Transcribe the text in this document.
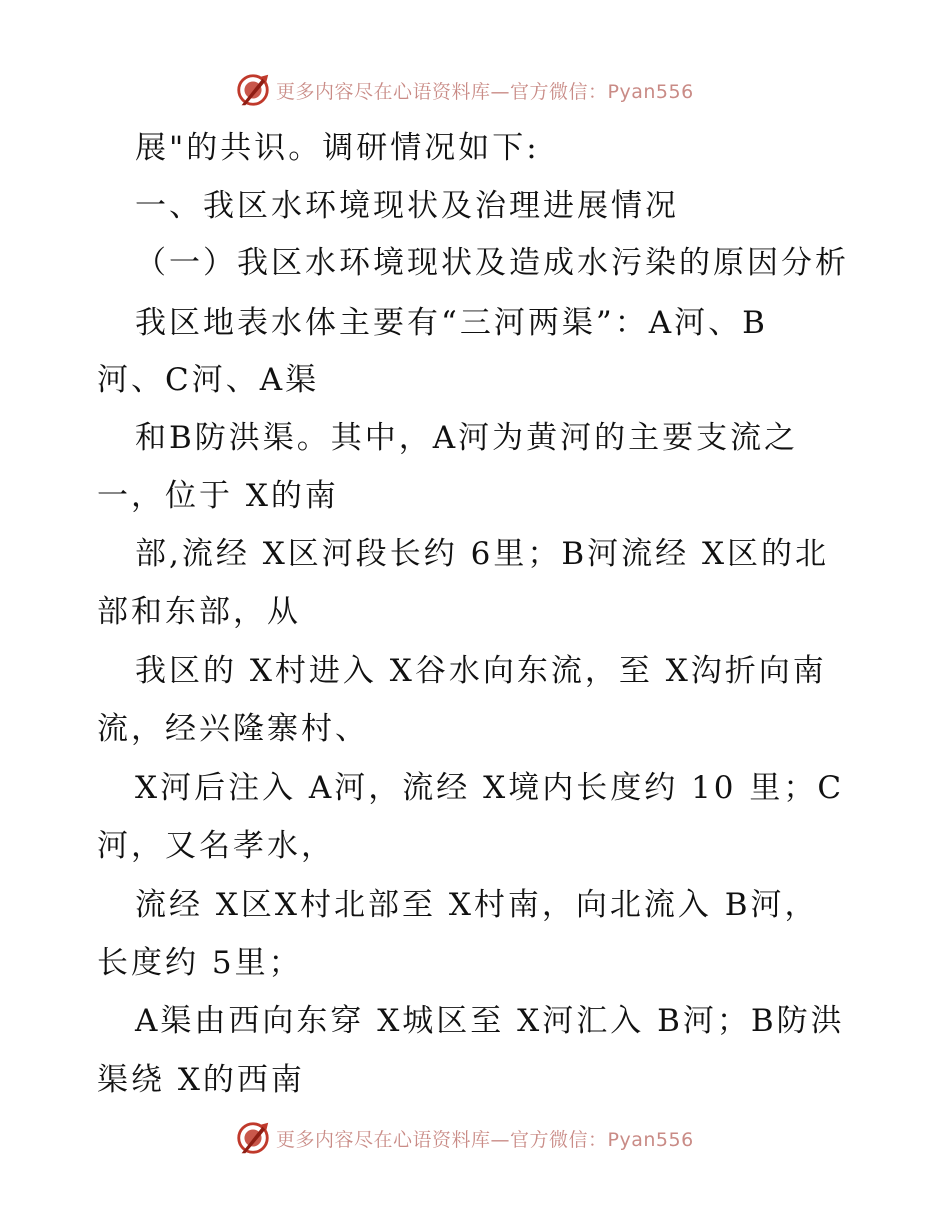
更多内容尽在心语资料库—官方微信：Pyan556
展"的共识。调研情况如下:
一、我区水环境现状及治理进展情况
（一）我区水环境现状及造成水污染的原因分析
我区地表水体主要有“三河两渠”：A河、B
河、C河、A渠
和B防洪渠。其中，A河为黄河的主要支流之
一，位于 X的南
部,流经 X区河段长约 6里；B河流经 X区的北
部和东部，从
我区的 X村进入 X谷水向东流，至 X沟折向南
流，经兴隆寨村、
X河后注入 A河，流经 X境内长度约 10 里；C
河，又名孝水，
流经 X区X村北部至 X村南，向北流入 B河，
长度约 5里；
A渠由西向东穿 X城区至 X河汇入 B河；B防洪
渠绕 X的西南
更多内容尽在心语资料库—官方微信：Pyan556
